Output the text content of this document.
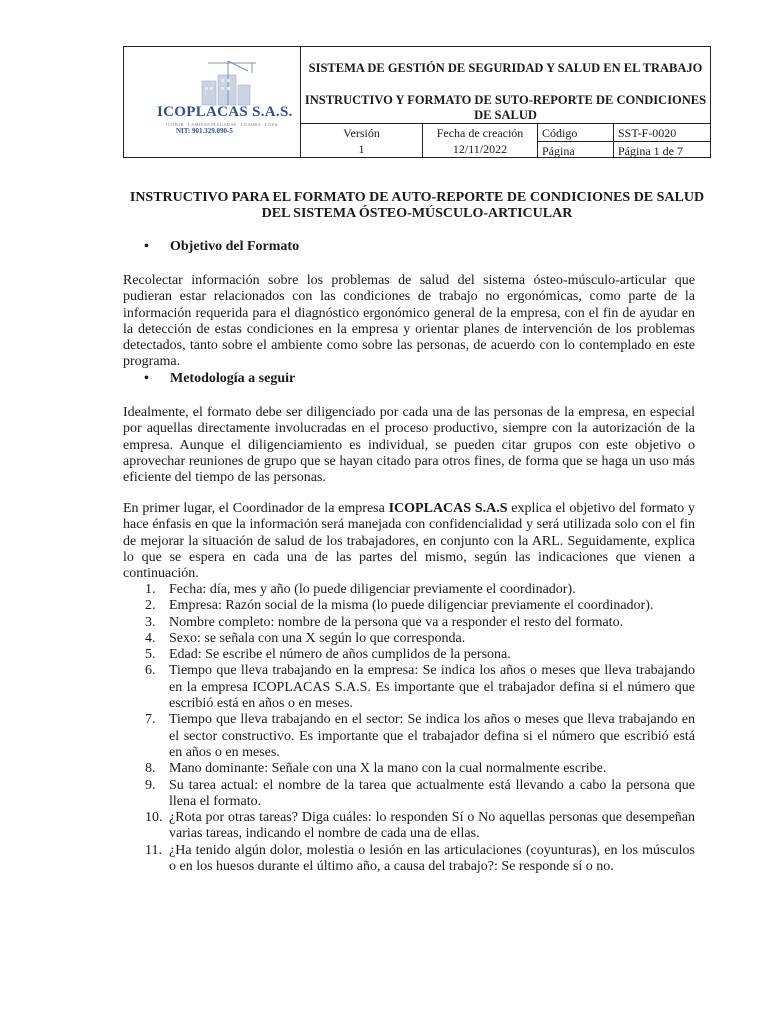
ICOPLACAS S.A.S.
ICOPOR · LAMINAS PLEGADAS · CUADRA · LOZA
NIT: 901.329.090-5
SISTEMA DE GESTIÓN DE SEGURIDAD Y SALUD EN EL TRABAJO
INSTRUCTIVO Y FORMATO DE SUTO-REPORTE DE CONDICIONES DE SALUD
Versión
1
Fecha de creación
12/11/2022
Código
Página
SST-F-0020
Página 1 de 7
INSTRUCTIVO PARA EL FORMATO DE AUTO-REPORTE DE CONDICIONES DE SALUD DEL SISTEMA ÓSTEO-MÚSCULO-ARTICULAR
• Objetivo del Formato
Recolectar información sobre los problemas de salud del sistema ósteo-músculo-articular que pudieran estar relacionados con las condiciones de trabajo no ergonómicas, como parte de la información requerida para el diagnóstico ergonómico general de la empresa, con el fin de ayudar en la detección de estas condiciones en la empresa y orientar planes de intervención de los problemas detectados, tanto sobre el ambiente como sobre las personas, de acuerdo con lo contemplado en este programa.
• Metodología a seguir
Idealmente, el formato debe ser diligenciado por cada una de las personas de la empresa, en especial por aquellas directamente involucradas en el proceso productivo, siempre con la autorización de la empresa. Aunque el diligenciamiento es individual, se pueden citar grupos con este objetivo o aprovechar reuniones de grupo que se hayan citado para otros fines, de forma que se haga un uso más eficiente del tiempo de las personas.
En primer lugar, el Coordinador de la empresa ICOPLACAS S.A.S explica el objetivo del formato y hace énfasis en que la información será manejada con confidencialidad y será utilizada solo con el fin de mejorar la situación de salud de los trabajadores, en conjunto con la ARL. Seguidamente, explica lo que se espera en cada una de las partes del mismo, según las indicaciones que vienen a continuación.
1. Fecha: día, mes y año (lo puede diligenciar previamente el coordinador).
2. Empresa: Razón social de la misma (lo puede diligenciar previamente el coordinador).
3. Nombre completo: nombre de la persona que va a responder el resto del formato.
4. Sexo: se señala con una X según lo que corresponda.
5. Edad: Se escribe el número de años cumplidos de la persona.
6. Tiempo que lleva trabajando en la empresa: Se indica los años o meses que lleva trabajando en la empresa ICOPLACAS S.A.S. Es importante que el trabajador defina si el número que escribió está en años o en meses.
7. Tiempo que lleva trabajando en el sector: Se indica los años o meses que lleva trabajando en el sector constructivo. Es importante que el trabajador defina si el número que escribió está en años o en meses.
8. Mano dominante: Señale con una X la mano con la cual normalmente escribe.
9. Su tarea actual: el nombre de la tarea que actualmente está llevando a cabo la persona que llena el formato.
10. ¿Rota por otras tareas? Diga cuáles: lo responden Sí o No aquellas personas que desempeñan varias tareas, indicando el nombre de cada una de ellas.
11. ¿Ha tenido algún dolor, molestia o lesión en las articulaciones (coyunturas), en los músculos o en los huesos durante el último año, a causa del trabajo?: Se responde sí o no.
